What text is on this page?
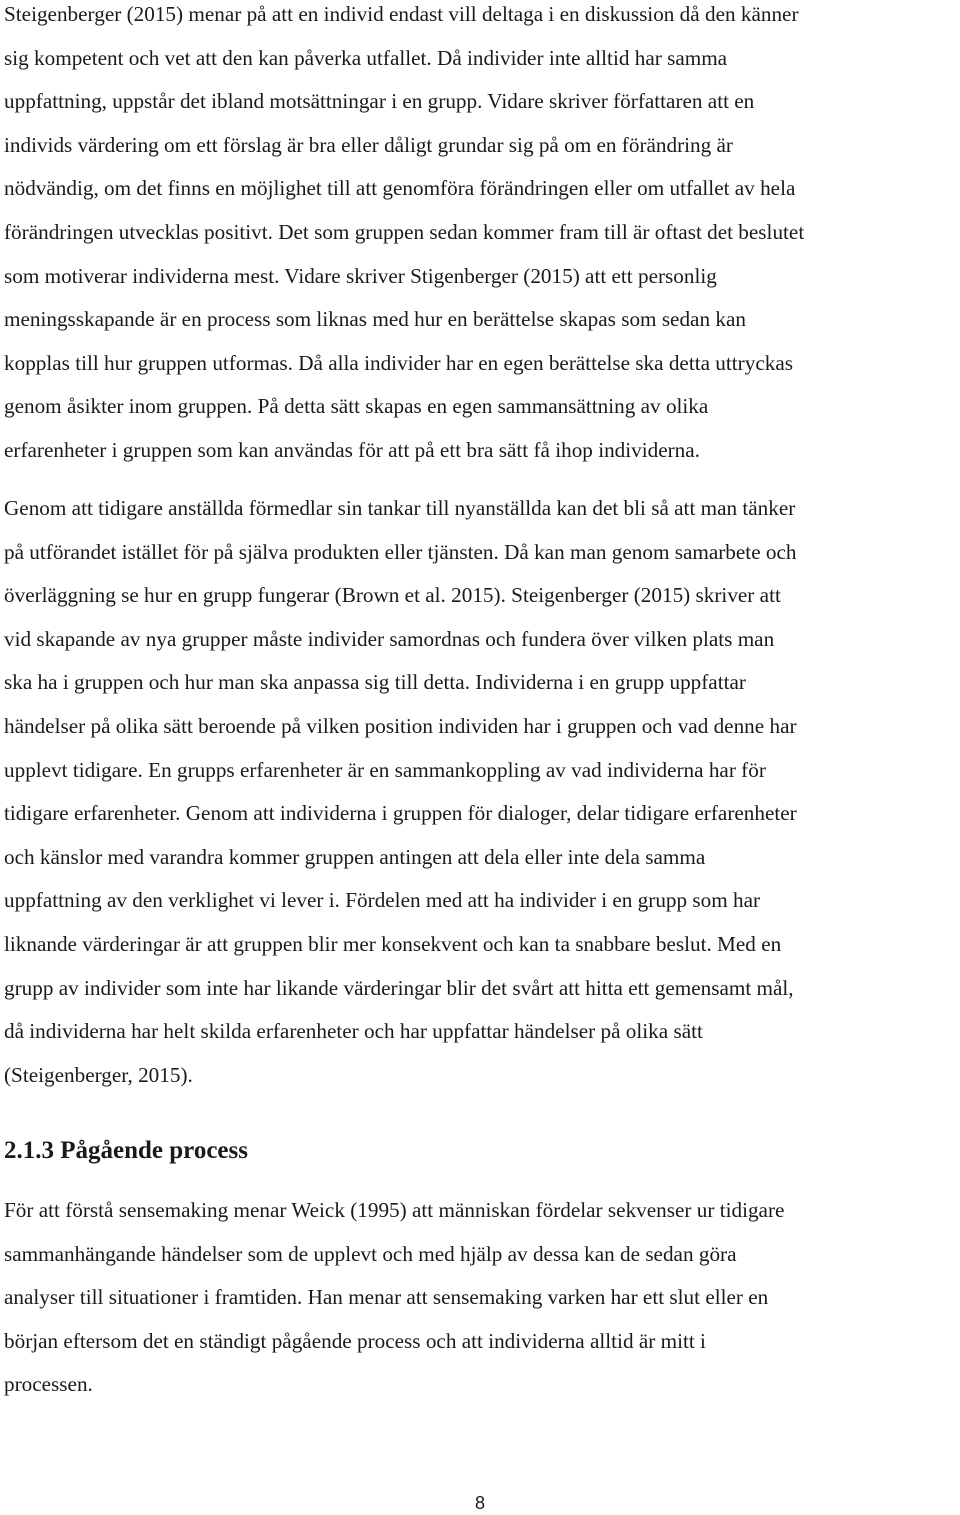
Steigenberger (2015) menar på att en individ endast vill deltaga i en diskussion då den känner
sig kompetent och vet att den kan påverka utfallet. Då individer inte alltid har samma
uppfattning, uppstår det ibland motsättningar i en grupp. Vidare skriver författaren att en
individs värdering om ett förslag är bra eller dåligt grundar sig på om en förändring är
nödvändig, om det finns en möjlighet till att genomföra förändringen eller om utfallet av hela
förändringen utvecklas positivt. Det som gruppen sedan kommer fram till är oftast det beslutet
som motiverar individerna mest. Vidare skriver Stigenberger (2015) att ett personlig
meningsskapande är en process som liknas med hur en berättelse skapas som sedan kan
kopplas till hur gruppen utformas. Då alla individer har en egen berättelse ska detta uttryckas
genom åsikter inom gruppen. På detta sätt skapas en egen sammansättning av olika
erfarenheter i gruppen som kan användas för att på ett bra sätt få ihop individerna.

Genom att tidigare anställda förmedlar sin tankar till nyanställda kan det bli så att man tänker
på utförandet istället för på själva produkten eller tjänsten. Då kan man genom samarbete och
överläggning se hur en grupp fungerar (Brown et al. 2015). Steigenberger (2015) skriver att
vid skapande av nya grupper måste individer samordnas och fundera över vilken plats man
ska ha i gruppen och hur man ska anpassa sig till detta. Individerna i en grupp uppfattar
händelser på olika sätt beroende på vilken position individen har i gruppen och vad denne har
upplevt tidigare. En grupps erfarenheter är en sammankoppling av vad individerna har för
tidigare erfarenheter. Genom att individerna i gruppen för dialoger, delar tidigare erfarenheter
och känslor med varandra kommer gruppen antingen att dela eller inte dela samma
uppfattning av den verklighet vi lever i. Fördelen med att ha individer i en grupp som har
liknande värderingar är att gruppen blir mer konsekvent och kan ta snabbare beslut. Med en
grupp av individer som inte har likande värderingar blir det svårt att hitta ett gemensamt mål,
då individerna har helt skilda erfarenheter och har uppfattar händelser på olika sätt
(Steigenberger, 2015).

2.1.3 Pågående process

För att förstå sensemaking menar Weick (1995) att människan fördelar sekvenser ur tidigare
sammanhängande händelser som de upplevt och med hjälp av dessa kan de sedan göra
analyser till situationer i framtiden. Han menar att sensemaking varken har ett slut eller en
början eftersom det en ständigt pågående process och att individerna alltid är mitt i
processen.

8
